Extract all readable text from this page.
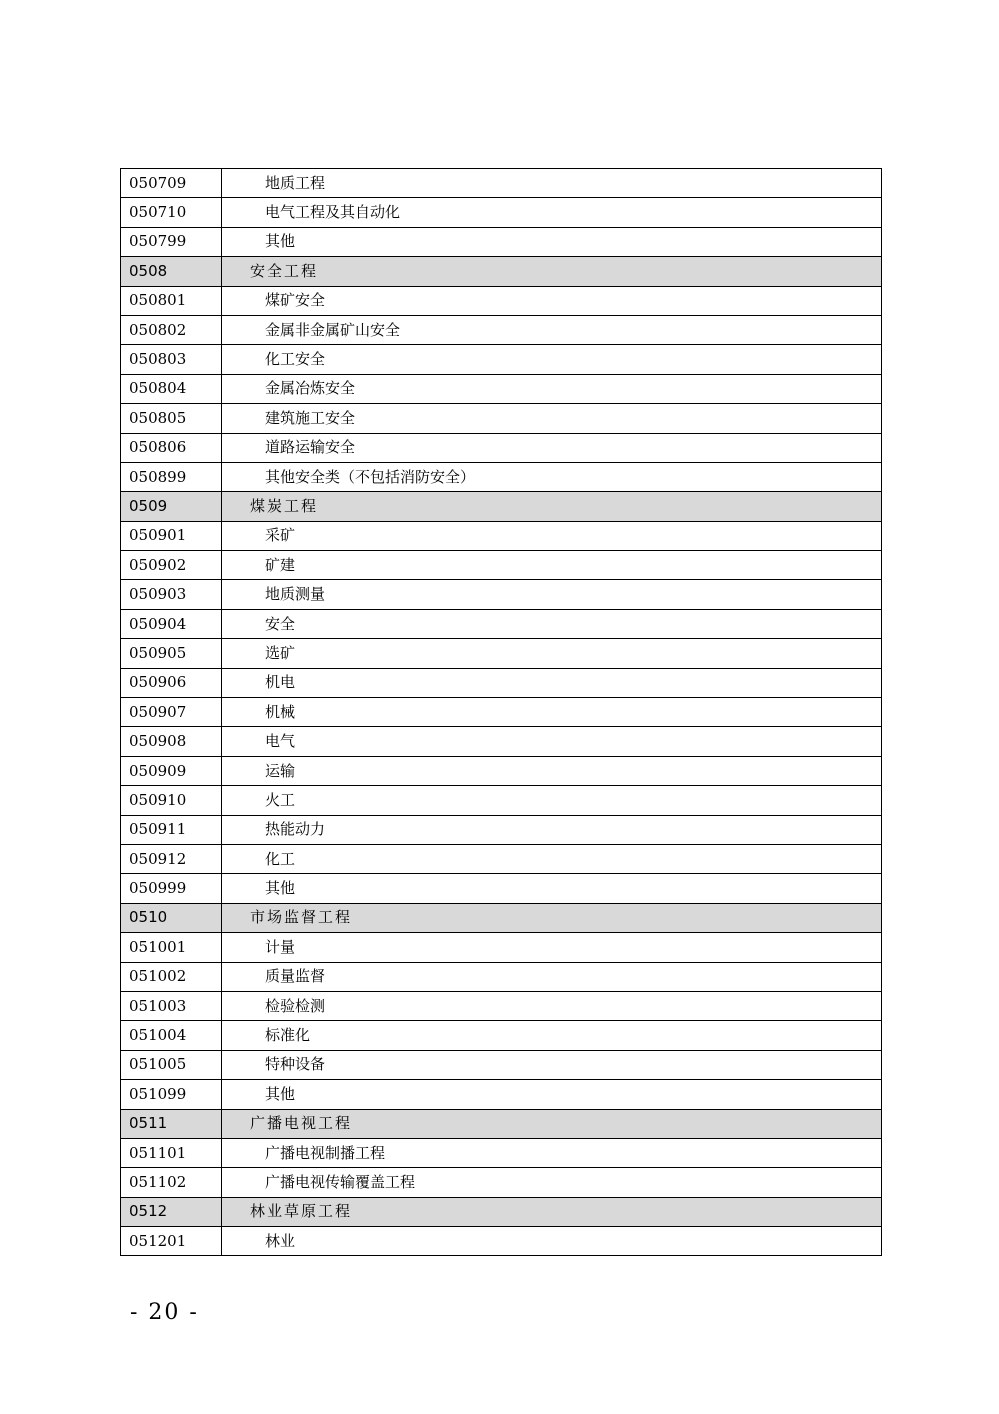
050709	地质工程
050710	电气工程及其自动化
050799	其他
0508	安全工程
050801	煤矿安全
050802	金属非金属矿山安全
050803	化工安全
050804	金属冶炼安全
050805	建筑施工安全
050806	道路运输安全
050899	其他安全类（不包括消防安全）
0509	煤炭工程
050901	采矿
050902	矿建
050903	地质测量
050904	安全
050905	选矿
050906	机电
050907	机械
050908	电气
050909	运输
050910	火工
050911	热能动力
050912	化工
050999	其他
0510	市场监督工程
051001	计量
051002	质量监督
051003	检验检测
051004	标准化
051005	特种设备
051099	其他
0511	广播电视工程
051101	广播电视制播工程
051102	广播电视传输覆盖工程
0512	林业草原工程
051201	林业
- 20 -
